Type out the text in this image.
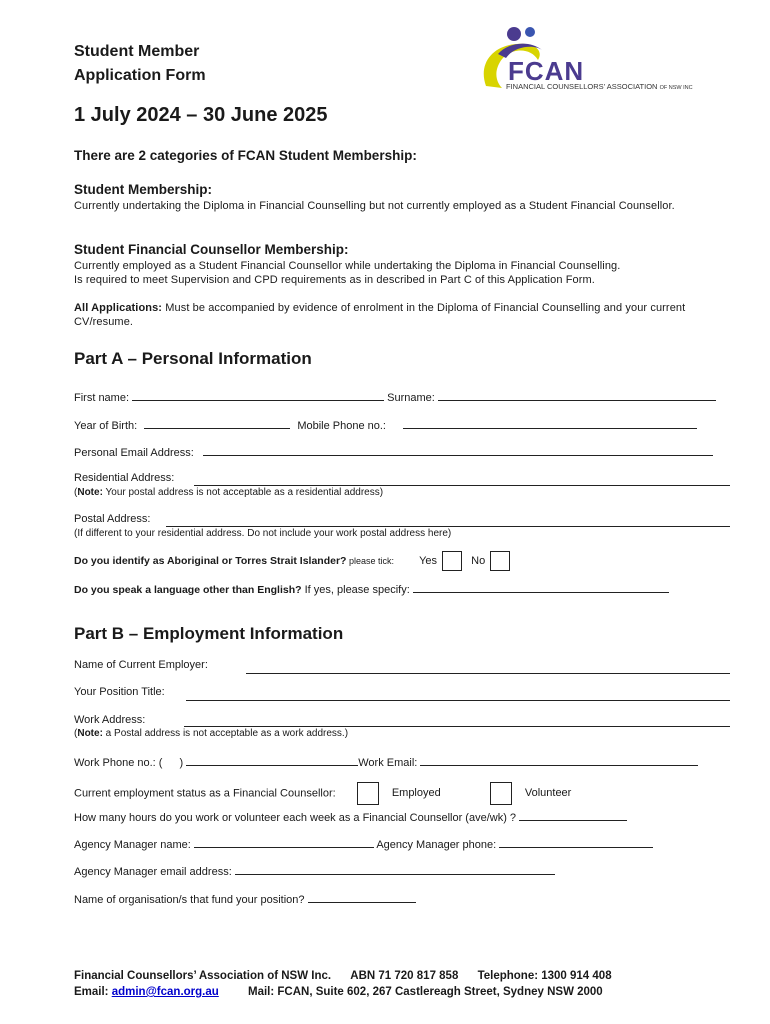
Student Member
Application Form	FCAN
FINANCIAL COUNSELLORS' ASSOCIATION OF NSW INC
1 July 2024 – 30 June 2025
There are 2 categories of FCAN Student Membership:
Student Membership:
Currently undertaking the Diploma in Financial Counselling but not currently employed as a Student Financial Counsellor.
Student Financial Counsellor Membership:
Currently employed as a Student Financial Counsellor while undertaking the Diploma in Financial Counselling.
Is required to meet Supervision and CPD requirements as in described in Part C of this Application Form.
All Applications: Must be accompanied by evidence of enrolment in the Diploma of Financial Counselling and your current CV/resume.
Part A – Personal Information
First name:	Surname:
Year of Birth:	Mobile Phone no.:
Personal Email Address:
Residential Address:
(Note: Your postal address is not acceptable as a residential address)
Postal Address:
(If different to your residential address. Do not include your work postal address here)
Do you identify as Aboriginal or Torres Strait Islander? please tick: Yes	No
Do you speak a language other than English? If yes, please specify:
Part B – Employment Information
Name of Current Employer:
Your Position Title:
Work Address:
(Note: a Postal address is not acceptable as a work address.)
Work Phone no.: ( )	Work Email:
Current employment status as a Financial Counsellor:	Employed	Volunteer
How many hours do you work or volunteer each week as a Financial Counsellor (ave/wk) ?
Agency Manager name:	Agency Manager phone:
Agency Manager email address:
Name of organisation/s that fund your position?
Financial Counsellors’ Association of NSW Inc. ABN 71 720 817 858 Telephone: 1300 914 408
Email: admin@fcan.org.au	Mail: FCAN, Suite 602, 267 Castlereagh Street, Sydney NSW 2000
